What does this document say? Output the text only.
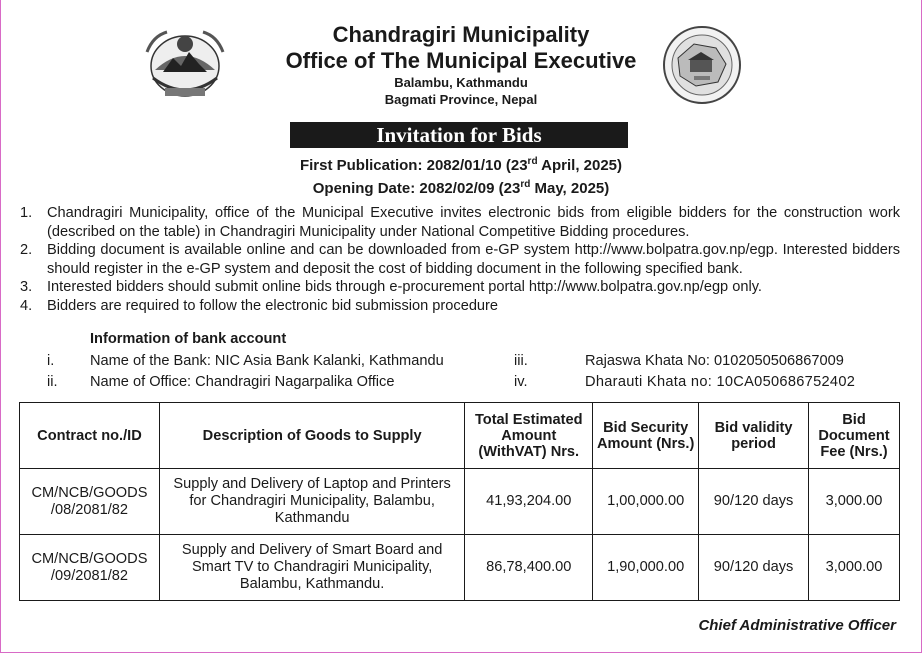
Chandragiri Municipality
Office of The Municipal Executive
Balambu, Kathmandu
Bagmati Province, Nepal
Invitation for Bids
First Publication: 2082/01/10 (23rd April, 2025)
Opening Date: 2082/02/09 (23rd May, 2025)
1. Chandragiri Municipality, office of the Municipal Executive invites electronic bids from eligible bidders for the construction work (described on the table) in Chandragiri Municipality under National Competitive Bidding procedures.
2. Bidding document is available online and can be downloaded from e-GP system http://www.bolpatra.gov.np/egp. Interested bidders should register in the e-GP system and deposit the cost of bidding document in the following specified bank.
3. Interested bidders should submit online bids through e-procurement portal http://www.bolpatra.gov.np/egp only.
4. Bidders are required to follow the electronic bid submission procedure
Information of bank account
i. Name of the Bank: NIC Asia Bank Kalanki, Kathmandu
ii. Name of Office: Chandragiri Nagarpalika Office
iii.	Rajaswa Khata No: 0102050506867009
iv.	Dharauti Khata no: 10CA050686752402
Contract no./ID	Description of Goods to Supply	Total Estimated Amount (WithVAT) Nrs.	Bid Security Amount (Nrs.)	Bid validity period	Bid Document Fee (Nrs.)
CM/NCB/GOODS /08/2081/82	Supply and Delivery of Laptop and Printers for Chandragiri Municipality, Balambu, Kathmandu	41,93,204.00	1,00,000.00	90/120 days	3,000.00
CM/NCB/GOODS /09/2081/82	Supply and Delivery of Smart Board and Smart TV to Chandragiri Municipality, Balambu, Kathmandu.	86,78,400.00	1,90,000.00	90/120 days	3,000.00
Chief Administrative Officer
